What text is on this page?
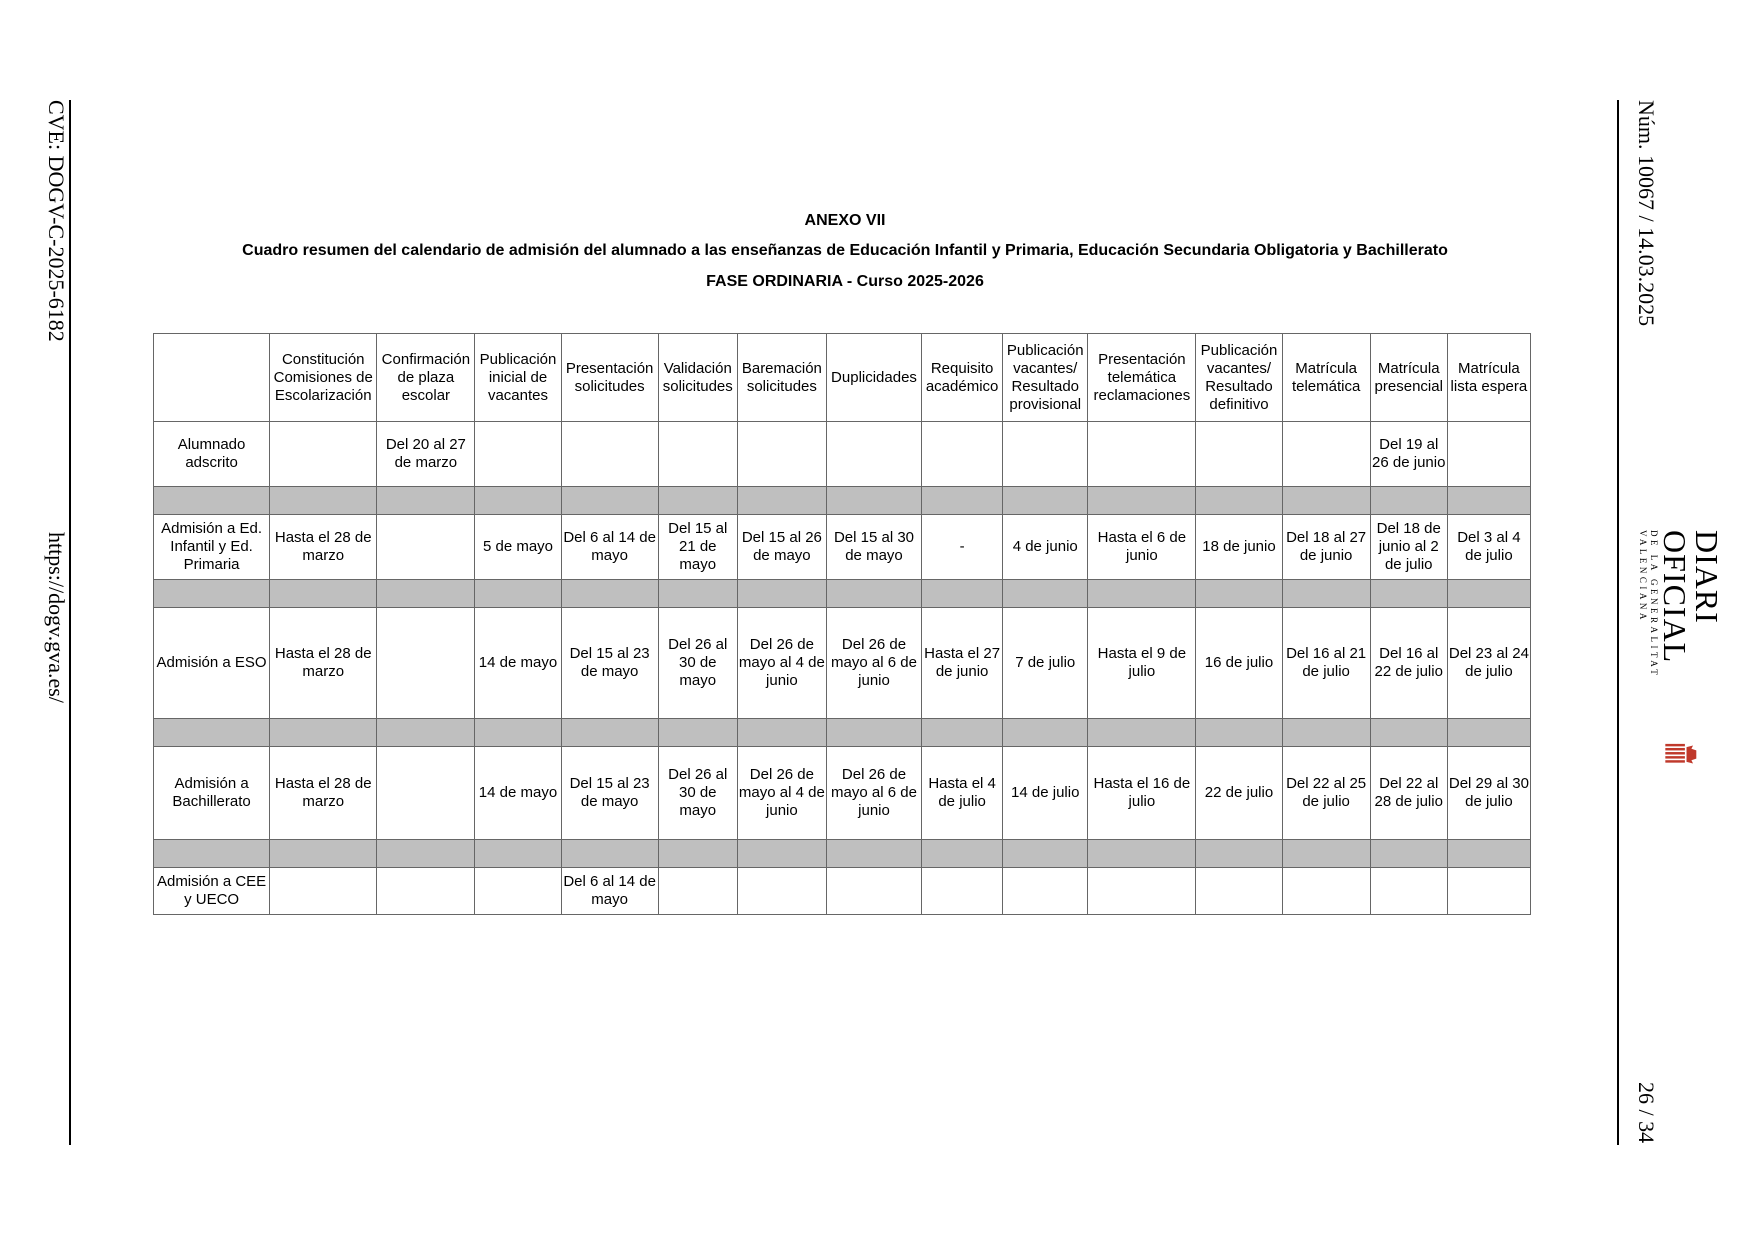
CVE: DOGV-C-2025-6182
https://dogv.gva.es/
Núm. 10067 / 14.03.2025
26 / 34
DIARI OFICIAL
DE LA GENERALITAT VALENCIANA
ANEXO VII
Cuadro resumen del calendario de admisión del alumnado a las enseñanzas de Educación Infantil y Primaria, Educación Secundaria Obligatoria y Bachillerato
FASE ORDINARIA - Curso 2025-2026
	Constitución Comisiones de Escolarización	Confirmación de plaza escolar	Publicación inicial de vacantes	Presentación solicitudes	Validación solicitudes	Baremación solicitudes	Duplicidades	Requisito académico	Publicación vacantes/ Resultado provisional	Presentación telemática reclamaciones	Publicación vacantes/ Resultado definitivo	Matrícula telemática	Matrícula presencial	Matrícula lista espera
Alumnado adscrito		Del 20 al 27 de marzo											Del 19 al 26 de junio	

Admisión a Ed. Infantil y Ed. Primaria	Hasta el 28 de marzo		5 de mayo	Del 6 al 14 de mayo	Del 15 al 21 de mayo	Del 15 al 26 de mayo	Del 15 al 30 de mayo	-	4 de junio	Hasta el 6 de junio	18 de junio	Del 18 al 27 de junio	Del 18 de junio al 2 de julio	Del 3 al 4 de julio

Admisión a ESO	Hasta el 28 de marzo		14 de mayo	Del 15 al 23 de mayo	Del 26 al 30 de mayo	Del 26 de mayo al 4 de junio	Del 26 de mayo al 6 de junio	Hasta el 27 de junio	7 de julio	Hasta el 9 de julio	16 de julio	Del 16 al 21 de julio	Del 16 al 22 de julio	Del 23 al 24 de julio

Admisión a Bachillerato	Hasta el 28 de marzo		14 de mayo	Del 15 al 23 de mayo	Del 26 al 30 de mayo	Del 26 de mayo al 4 de junio	Del 26 de mayo al 6 de junio	Hasta el 4 de julio	14 de julio	Hasta el 16 de julio	22 de julio	Del 22 al 25 de julio	Del 22 al 28 de julio	Del 29 al 30 de julio

Admisión a CEE y UECO				Del 6 al 14 de mayo										
